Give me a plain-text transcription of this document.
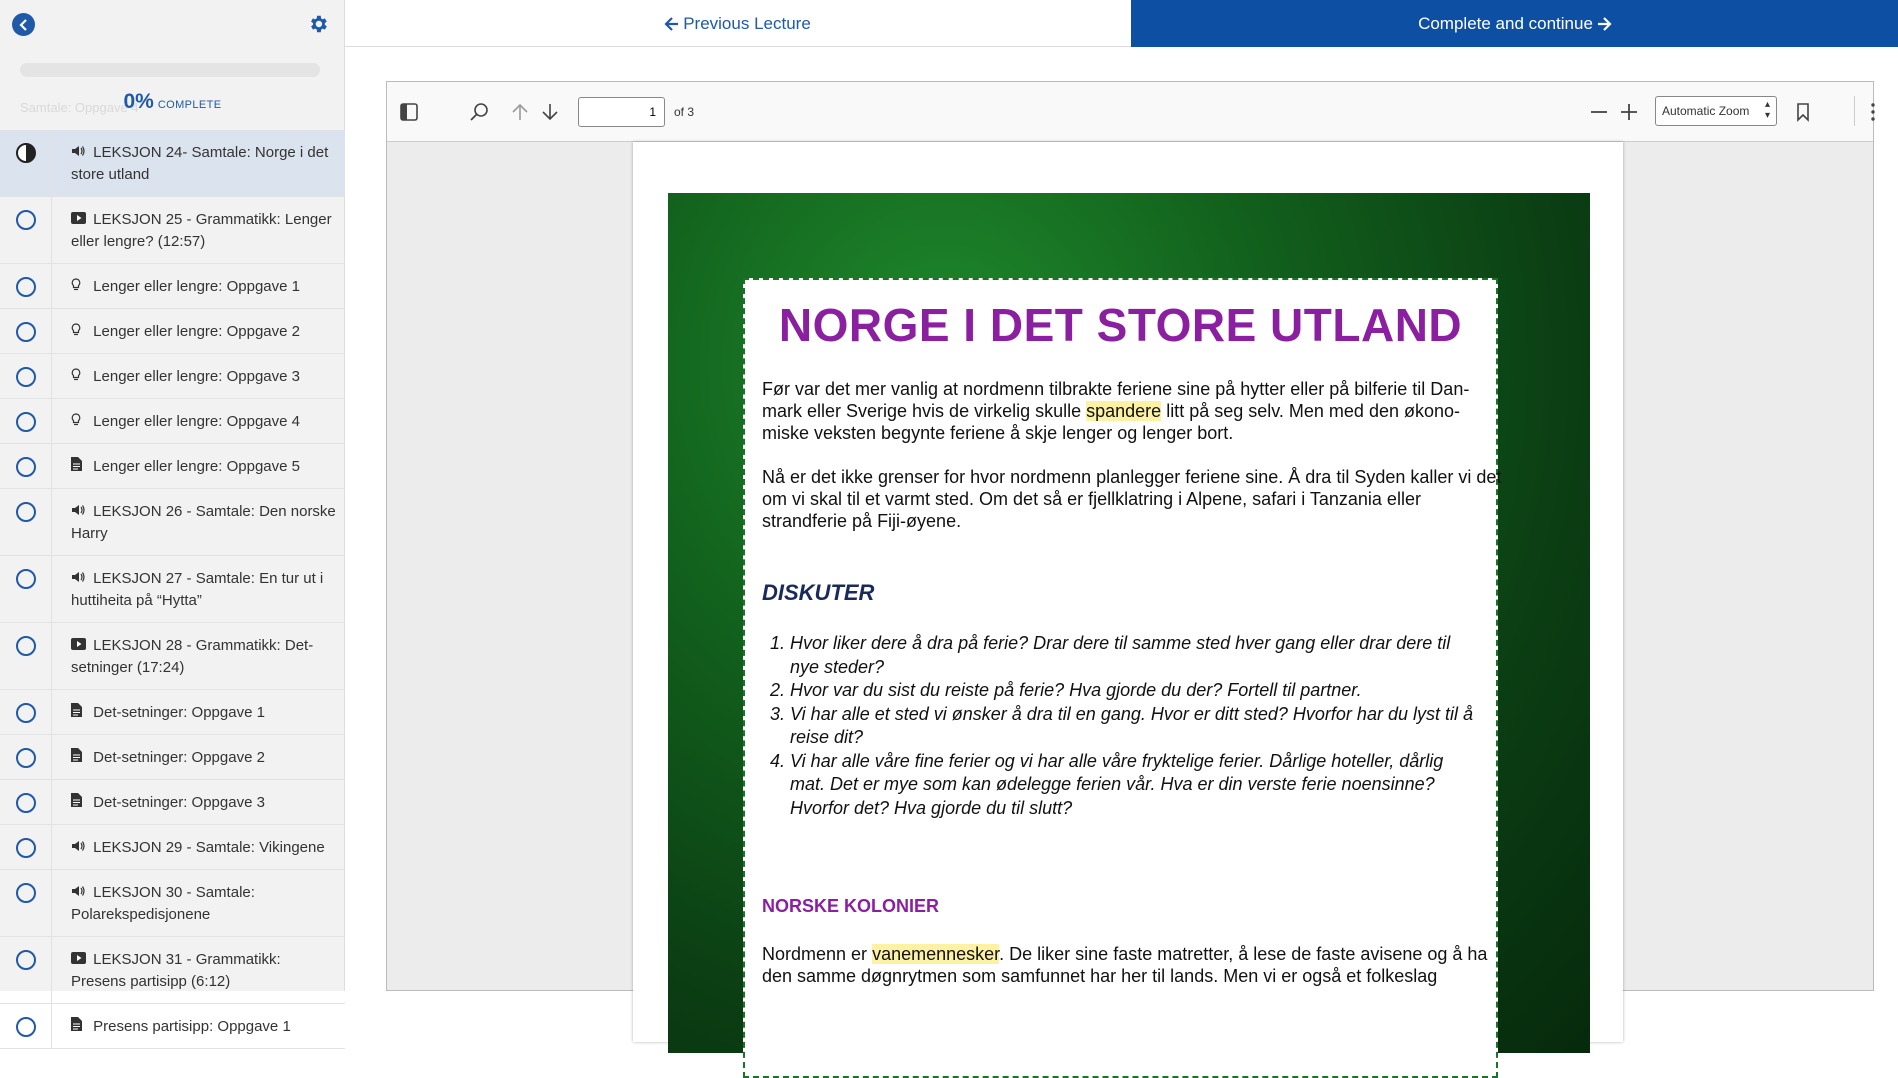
Samtale: Oppgave 4
0% COMPLETE
LEKSJON 24- Samtale: Norge i det store utland
LEKSJON 25 - Grammatikk: Lenger eller lengre? (12:57)
Lenger eller lengre: Oppgave 1
Lenger eller lengre: Oppgave 2
Lenger eller lengre: Oppgave 3
Lenger eller lengre: Oppgave 4
Lenger eller lengre: Oppgave 5
LEKSJON 26 - Samtale: Den norske Harry
LEKSJON 27 - Samtale: En tur ut i huttiheita på “Hytta”
LEKSJON 28 - Grammatikk: Det-setninger (17:24)
Det-setninger: Oppgave 1
Det-setninger: Oppgave 2
Det-setninger: Oppgave 3
LEKSJON 29 - Samtale: Vikingene
LEKSJON 30 - Samtale: Polarekspedisjonene
LEKSJON 31 - Grammatikk: Presens partisipp (6:12)
Presens partisipp: Oppgave 1
Previous Lecture	Complete and continue
1	of 3	Automatic Zoom ▴
▾
NORGE I DET STORE UTLAND

Før var det mer vanlig at nordmenn tilbrakte feriene sine på hytter eller på bilferie til Dan-mark eller Sverige hvis de virkelig skulle spandere litt på seg selv. Men med den økono-miske veksten begynte feriene å skje lenger og lenger bort.

Nå er det ikke grenser for hvor nordmenn planlegger feriene sine. Å dra til Syden kaller vi det om vi skal til et varmt sted. Om det så er fjellklatring i Alpene, safari i Tanzania eller strandferie på Fiji-øyene.

DISKUTER
1. Hvor liker dere å dra på ferie? Drar dere til samme sted hver gang eller drar dere til nye steder?
2. Hvor var du sist du reiste på ferie? Hva gjorde du der? Fortell til partner.
3. Vi har alle et sted vi ønsker å dra til en gang. Hvor er ditt sted? Hvorfor har du lyst til å reise dit?
4. Vi har alle våre fine ferier og vi har alle våre fryktelige ferier. Dårlige hoteller, dårlig mat. Det er mye som kan ødelegge ferien vår. Hva er din verste ferie noensinne? Hvorfor det? Hva gjorde du til slutt?
NORSKE KOLONIER

Nordmenn er vanemennesker. De liker sine faste matretter, å lese de faste avisene og å ha den samme døgnrytmen som samfunnet har her til lands. Men vi er også et folkeslag
